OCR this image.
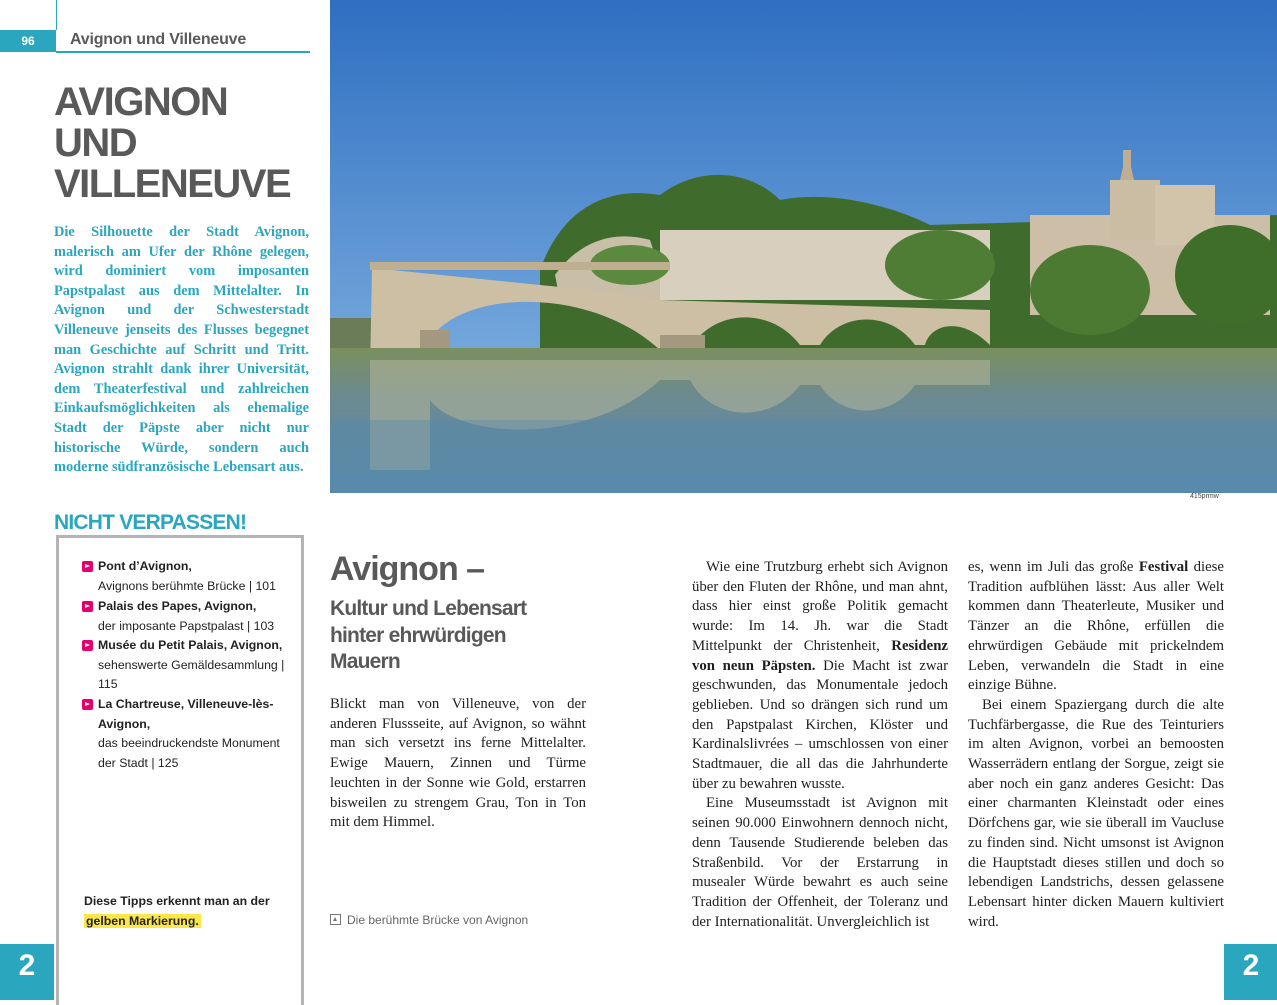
96	Avignon und Villeneuve
AVIGNON UND VILLENEUVE

Die Silhouette der Stadt Avignon, malerisch am Ufer der Rhône gelegen, wird dominiert vom imposanten Papstpalast aus dem Mittelalter. In Avignon und der Schwesterstadt Villeneuve jenseits des Flusses begegnet man Geschichte auf Schritt und Tritt. Avignon strahlt dank ihrer Universität, dem Theaterfestival und zahlreichen Einkaufsmöglichkeiten als ehemalige Stadt der Päpste aber nicht nur historische Würde, sondern auch moderne südfranzösische Lebensart aus.

415prmw
NICHT VERPASSEN!
Pont d’Avignon,
Avignons berühmte Brücke | 101
Palais des Papes, Avignon,
der imposante Papstpalast | 103
Musée du Petit Palais, Avignon, sehenswerte Gemäldesammlung | 115
La Chartreuse, Villeneuve-lès-Avignon,
das beeindruckendste Monument der Stadt | 125
Diese Tipps erkennt man an der
gelben Markierung.
2	2
Avignon –
Kultur und Lebensart hinter ehrwürdigen Mauern

Blickt man von Villeneuve, von der anderen Flussseite, auf Avignon, so wähnt man sich versetzt ins ferne Mittelalter. Ewige Mauern, Zinnen und Türme leuchten in der Sonne wie Gold, erstarren bisweilen zu strengem Grau, Ton in Ton mit dem Himmel.

Wie eine Trutzburg erhebt sich Avignon über den Fluten der Rhône, und man ahnt, dass hier einst große Politik gemacht wurde: Im 14. Jh. war die Stadt Mittelpunkt der Christenheit, Residenz von neun Päpsten. Die Macht ist zwar geschwunden, das Monumentale jedoch geblieben. Und so drängen sich rund um den Papstpalast Kirchen, Klöster und Kardinalslivrées – umschlossen von einer Stadtmauer, die all das die Jahrhunderte über zu bewahren wusste.

Eine Museumsstadt ist Avignon mit seinen 90.000 Einwohnern dennoch nicht, denn Tausende Studierende beleben das Straßenbild. Vor der Erstarrung in musealer Würde bewahrt es auch seine Tradition der Offenheit, der Toleranz und der Internationalität. Unvergleichlich ist

es, wenn im Juli das große Festival diese Tradition aufblühen lässt: Aus aller Welt kommen dann Theaterleute, Musiker und Tänzer an die Rhône, erfüllen die ehrwürdigen Gebäude mit prickelndem Leben, verwandeln die Stadt in eine einzige Bühne.

Bei einem Spaziergang durch die alte Tuchfärbergasse, die Rue des Teinturiers im alten Avignon, vorbei an bemoosten Wasserrädern entlang der Sorgue, zeigt sie aber noch ein ganz anderes Gesicht: Das einer charmanten Kleinstadt oder eines Dörfchens gar, wie sie überall im Vaucluse zu finden sind. Nicht umsonst ist Avignon die Hauptstadt dieses stillen und doch so lebendigen Landstrichs, dessen gelassene Lebensart hinter dicken Mauern kultiviert wird.

Die berühmte Brücke von Avignon
